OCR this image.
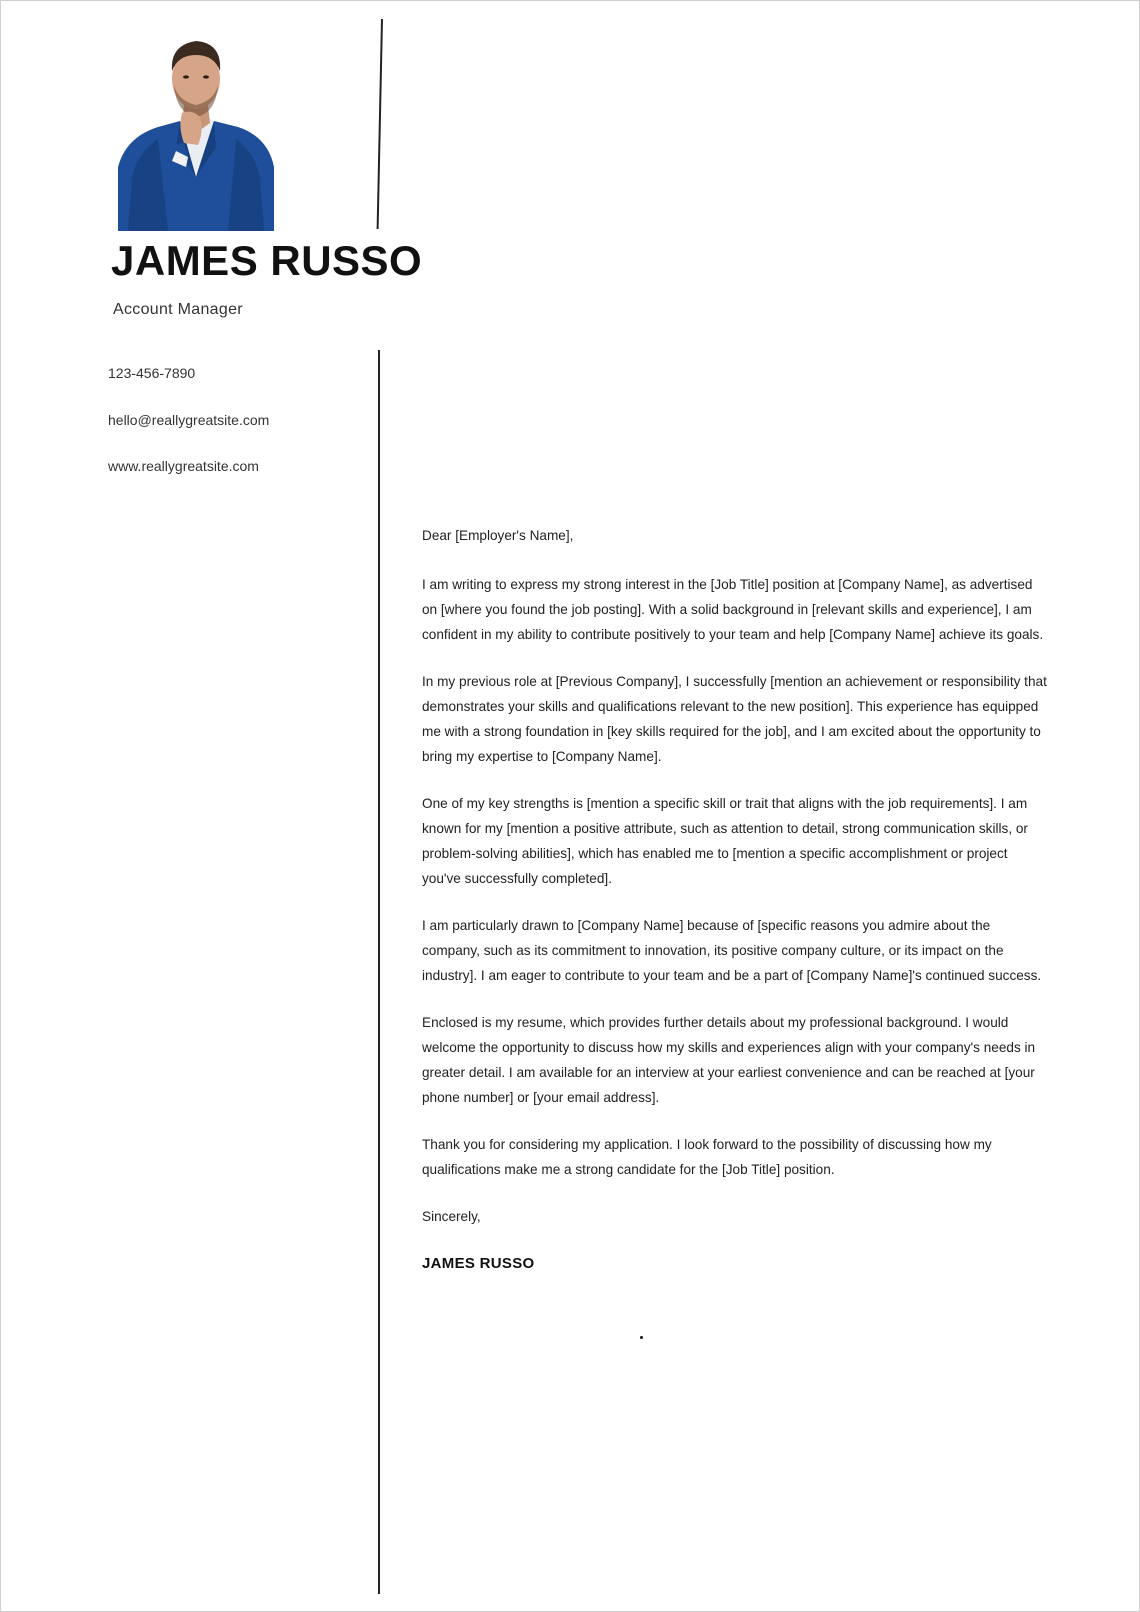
JAMES RUSSO
Account Manager
123-456-7890
hello@reallygreatsite.com
www.reallygreatsite.com

Dear [Employer's Name],

I am writing to express my strong interest in the [Job Title] position at [Company Name], as advertised on [where you found the job posting]. With a solid background in [relevant skills and experience], I am confident in my ability to contribute positively to your team and help [Company Name] achieve its goals.

In my previous role at [Previous Company], I successfully [mention an achievement or responsibility that demonstrates your skills and qualifications relevant to the new position]. This experience has equipped me with a strong foundation in [key skills required for the job], and I am excited about the opportunity to bring my expertise to [Company Name].

One of my key strengths is [mention a specific skill or trait that aligns with the job requirements]. I am known for my [mention a positive attribute, such as attention to detail, strong communication skills, or problem-solving abilities], which has enabled me to [mention a specific accomplishment or project you've successfully completed].

I am particularly drawn to [Company Name] because of [specific reasons you admire about the company, such as its commitment to innovation, its positive company culture, or its impact on the industry]. I am eager to contribute to your team and be a part of [Company Name]'s continued success.

Enclosed is my resume, which provides further details about my professional background. I would welcome the opportunity to discuss how my skills and experiences align with your company's needs in greater detail. I am available for an interview at your earliest convenience and can be reached at [your phone number] or [your email address].

Thank you for considering my application. I look forward to the possibility of discussing how my qualifications make me a strong candidate for the [Job Title] position.

Sincerely,

JAMES RUSSO
